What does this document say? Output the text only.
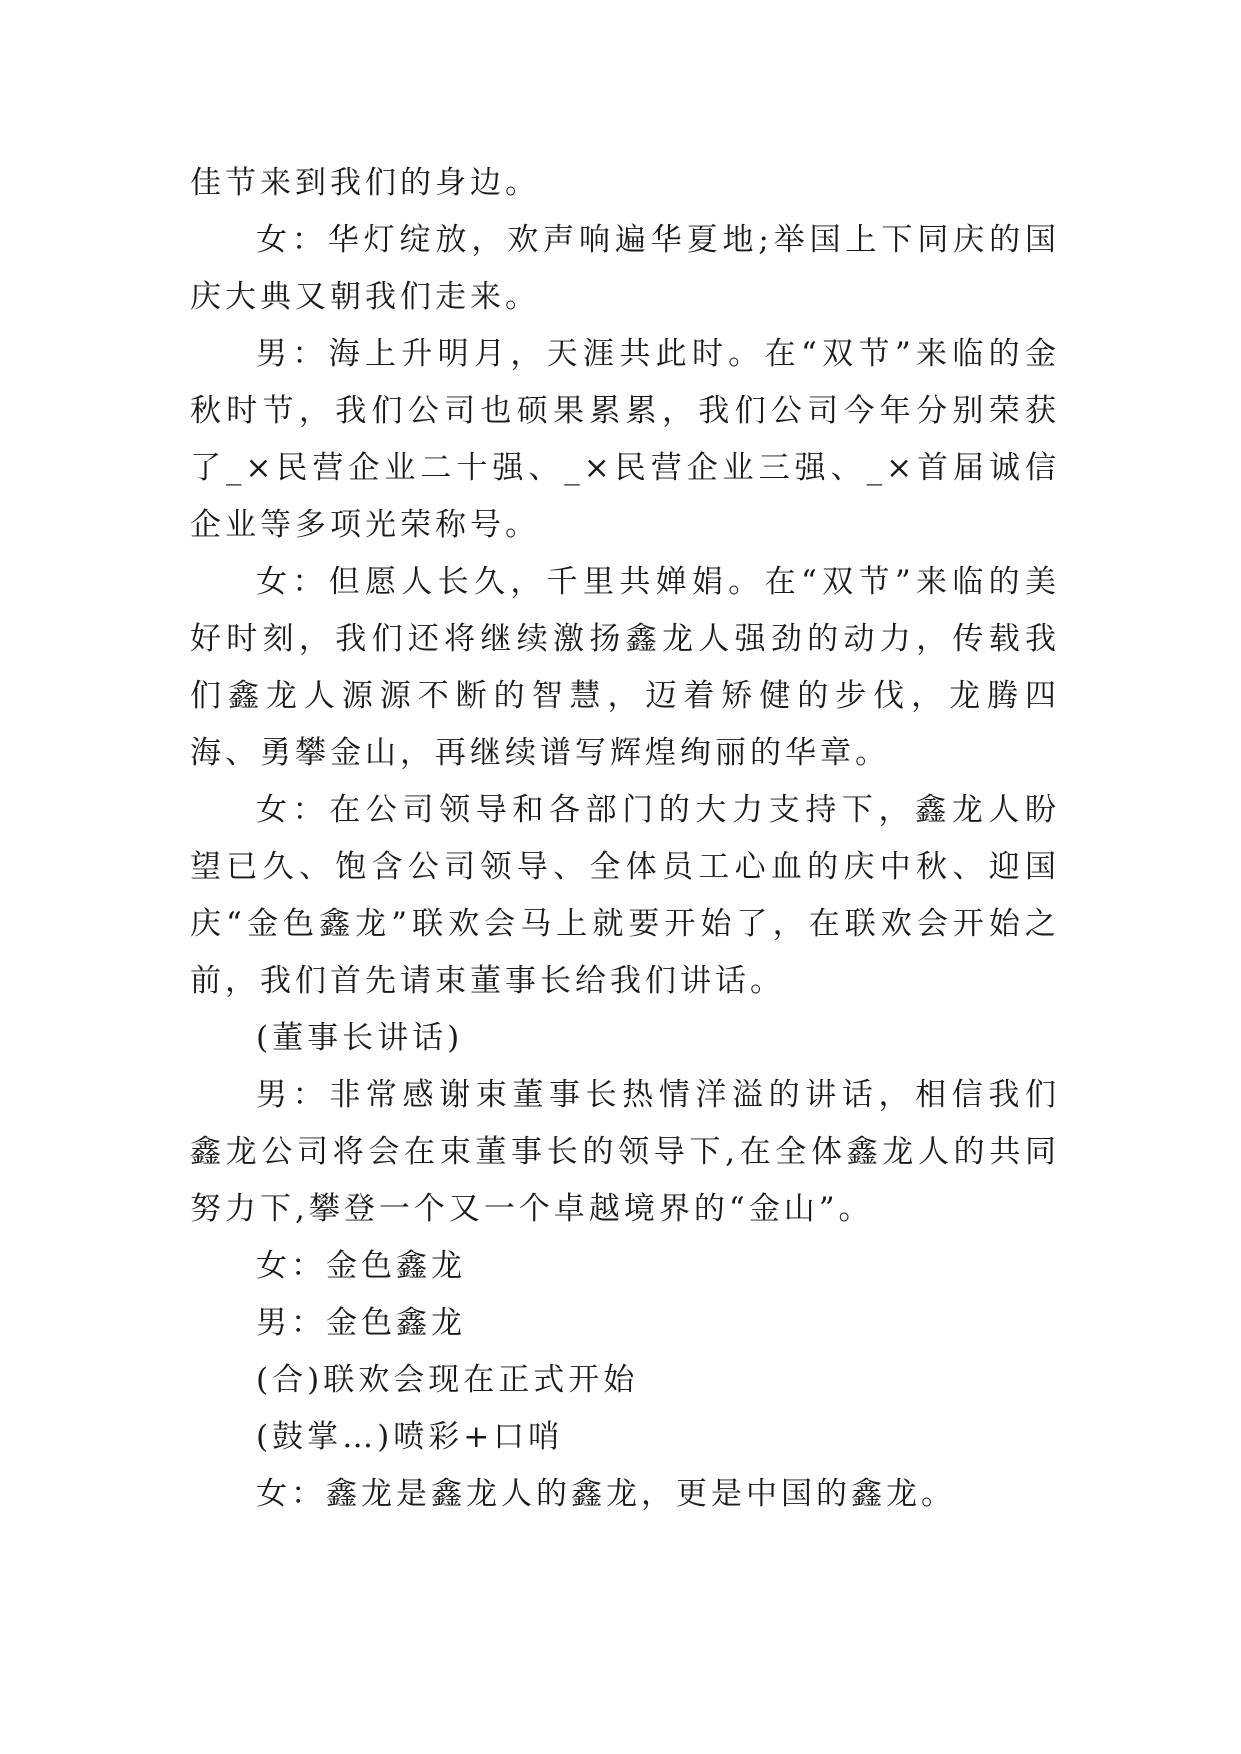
佳节来到我们的身边。

女：华灯绽放，欢声响遍华夏地;举国上下同庆的国庆大典又朝我们走来。

男：海上升明月，天涯共此时。在“双节”来临的金秋时节，我们公司也硕果累累，我们公司今年分别荣获了_×民营企业二十强、_×民营企业三强、_×首届诚信企业等多项光荣称号。

女：但愿人长久，千里共婵娟。在“双节”来临的美好时刻，我们还将继续激扬鑫龙人强劲的动力，传载我们鑫龙人源源不断的智慧，迈着矫健的步伐，龙腾四海、勇攀金山，再继续谱写辉煌绚丽的华章。

女：在公司领导和各部门的大力支持下，鑫龙人盼望已久、饱含公司领导、全体员工心血的庆中秋、迎国庆“金色鑫龙”联欢会马上就要开始了，在联欢会开始之前，我们首先请束董事长给我们讲话。

(董事长讲话)

男：非常感谢束董事长热情洋溢的讲话，相信我们鑫龙公司将会在束董事长的领导下,在全体鑫龙人的共同努力下,攀登一个又一个卓越境界的“金山”。

女：金色鑫龙

男：金色鑫龙

(合)联欢会现在正式开始

(鼓掌…)喷彩+口哨

女：鑫龙是鑫龙人的鑫龙，更是中国的鑫龙。
